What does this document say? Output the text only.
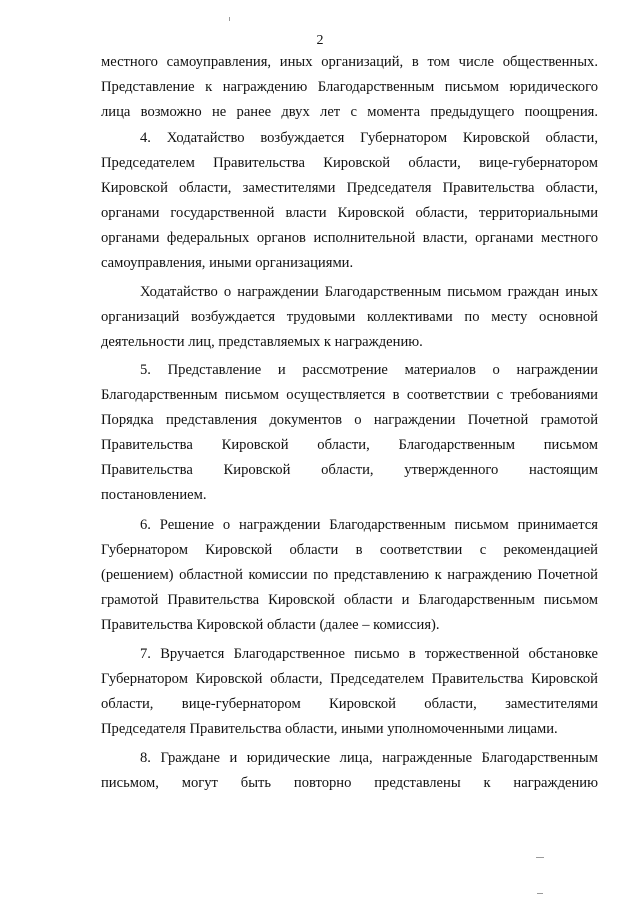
2
местного самоуправления, иных организаций, в том числе общественных.
Представление к награждению Благодарственным письмом юридического
лица возможно не ранее двух лет с момента предыдущего поощрения.
4. Ходатайство возбуждается Губернатором Кировской области,
Председателем Правительства Кировской области, вице-губернатором
Кировской области, заместителями Председателя Правительства области,
органами государственной власти Кировской области, территориальными
органами федеральных органов исполнительной власти, органами местного
самоуправления, иными организациями.
Ходатайство о награждении Благодарственным письмом граждан иных
организаций возбуждается трудовыми коллективами по месту основной
деятельности лиц, представляемых к награждению.
5. Представление и рассмотрение материалов о награждении
Благодарственным письмом осуществляется в соответствии с требованиями
Порядка представления документов о награждении Почетной грамотой
Правительства Кировской области, Благодарственным письмом
Правительства Кировской области, утвержденного настоящим
постановлением.
6. Решение о награждении Благодарственным письмом принимается
Губернатором Кировской области в соответствии с рекомендацией
(решением) областной комиссии по представлению к награждению Почетной
грамотой Правительства Кировской области и Благодарственным письмом
Правительства Кировской области (далее – комиссия).
7. Вручается Благодарственное письмо в торжественной обстановке
Губернатором Кировской области, Председателем Правительства Кировской
области, вице-губернатором Кировской области, заместителями
Председателя Правительства области, иными уполномоченными лицами.
8. Граждане и юридические лица, награжденные Благодарственным
письмом, могут быть повторно представлены к награждению
